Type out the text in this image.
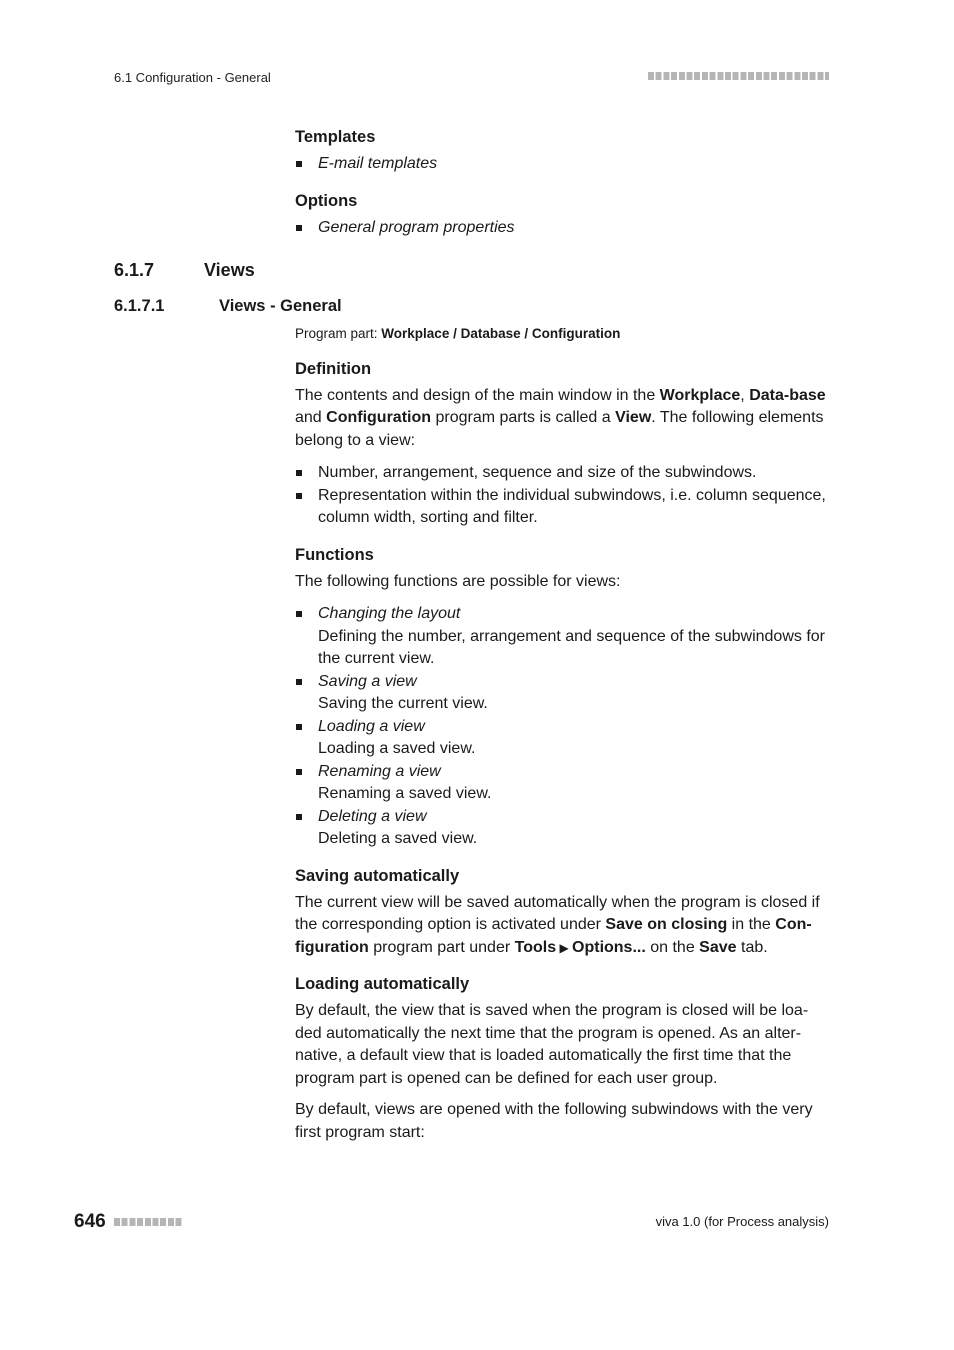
6.1 Configuration - General
Templates
E-mail templates
Options
General program properties
6.1.7	Views
6.1.7.1	Views - General
Program part: Workplace / Database / Configuration
Definition

The contents and design of the main window in the Workplace, Data-base and Configuration program parts is called a View. The following elements belong to a view:

Number, arrangement, sequence and size of the subwindows.
Representation within the individual subwindows, i.e. column sequence, column width, sorting and filter.
Functions

The following functions are possible for views:

Changing the layout
Defining the number, arrangement and sequence of the subwindows for the current view.
Saving a view
Saving the current view.
Loading a view
Loading a saved view.
Renaming a view
Renaming a saved view.
Deleting a view
Deleting a saved view.
Saving automatically

The current view will be saved automatically when the program is closed if the corresponding option is activated under Save on closing in the Con-figuration program part under Tools ▶ Options... on the Save tab.

Loading automatically

By default, the view that is saved when the program is closed will be loa-ded automatically the next time that the program is opened. As an alter-native, a default view that is loaded automatically the first time that the program part is opened can be defined for each user group.

By default, views are opened with the following subwindows with the very first program start:

646	viva 1.0 (for Process analysis)
